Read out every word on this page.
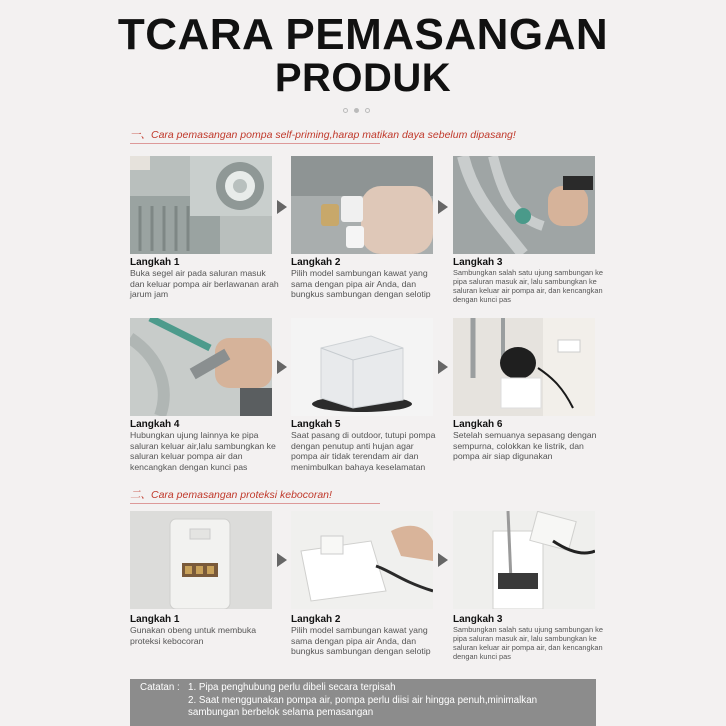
TCARA PEMASANGAN
PRODUK
一、Cara pemasangan pompa self-priming,harap matikan daya sebelum dipasang!
Langkah 1
Buka segel air pada saluran masuk dan keluar pompa air berlawanan arah jarum jam
Langkah 2
Pilih model sambungan kawat yang sama dengan pipa air Anda, dan bungkus sambungan dengan selotip
Langkah 3
Sambungkan salah satu ujung sambungan ke pipa saluran masuk air, lalu sambungkan ke saluran keluar air pompa air, dan kencangkan dengan kunci pas
Langkah 4
Hubungkan ujung lainnya ke pipa saluran keluar air,lalu sambungkan ke saluran keluar pompa air dan kencangkan dengan kunci pas
Langkah 5
Saat pasang di outdoor, tutupi pompa dengan penutup anti hujan agar pompa air tidak terendam air dan menimbulkan bahaya keselamatan
Langkah 6
Setelah semuanya sepasang dengan sempurna, colokkan ke listrik, dan pompa air siap digunakan
二、Cara pemasangan proteksi kebocoran!
Langkah 1
Gunakan obeng untuk membuka proteksi kebocoran
Langkah 2
Pilih model sambungan kawat yang sama dengan pipa air Anda, dan bungkus sambungan dengan selotip
Langkah 3
Sambungkan salah satu ujung sambungan ke pipa saluran masuk air, lalu sambungkan ke saluran keluar air pompa air, dan kencangkan dengan kunci pas
Catatan : 1. Pipa penghubung perlu dibeli secara terpisah
2. Saat menggunakan pompa air, pompa perlu diisi air hingga penuh,minimalkan sambungan berbelok selama pemasangan
